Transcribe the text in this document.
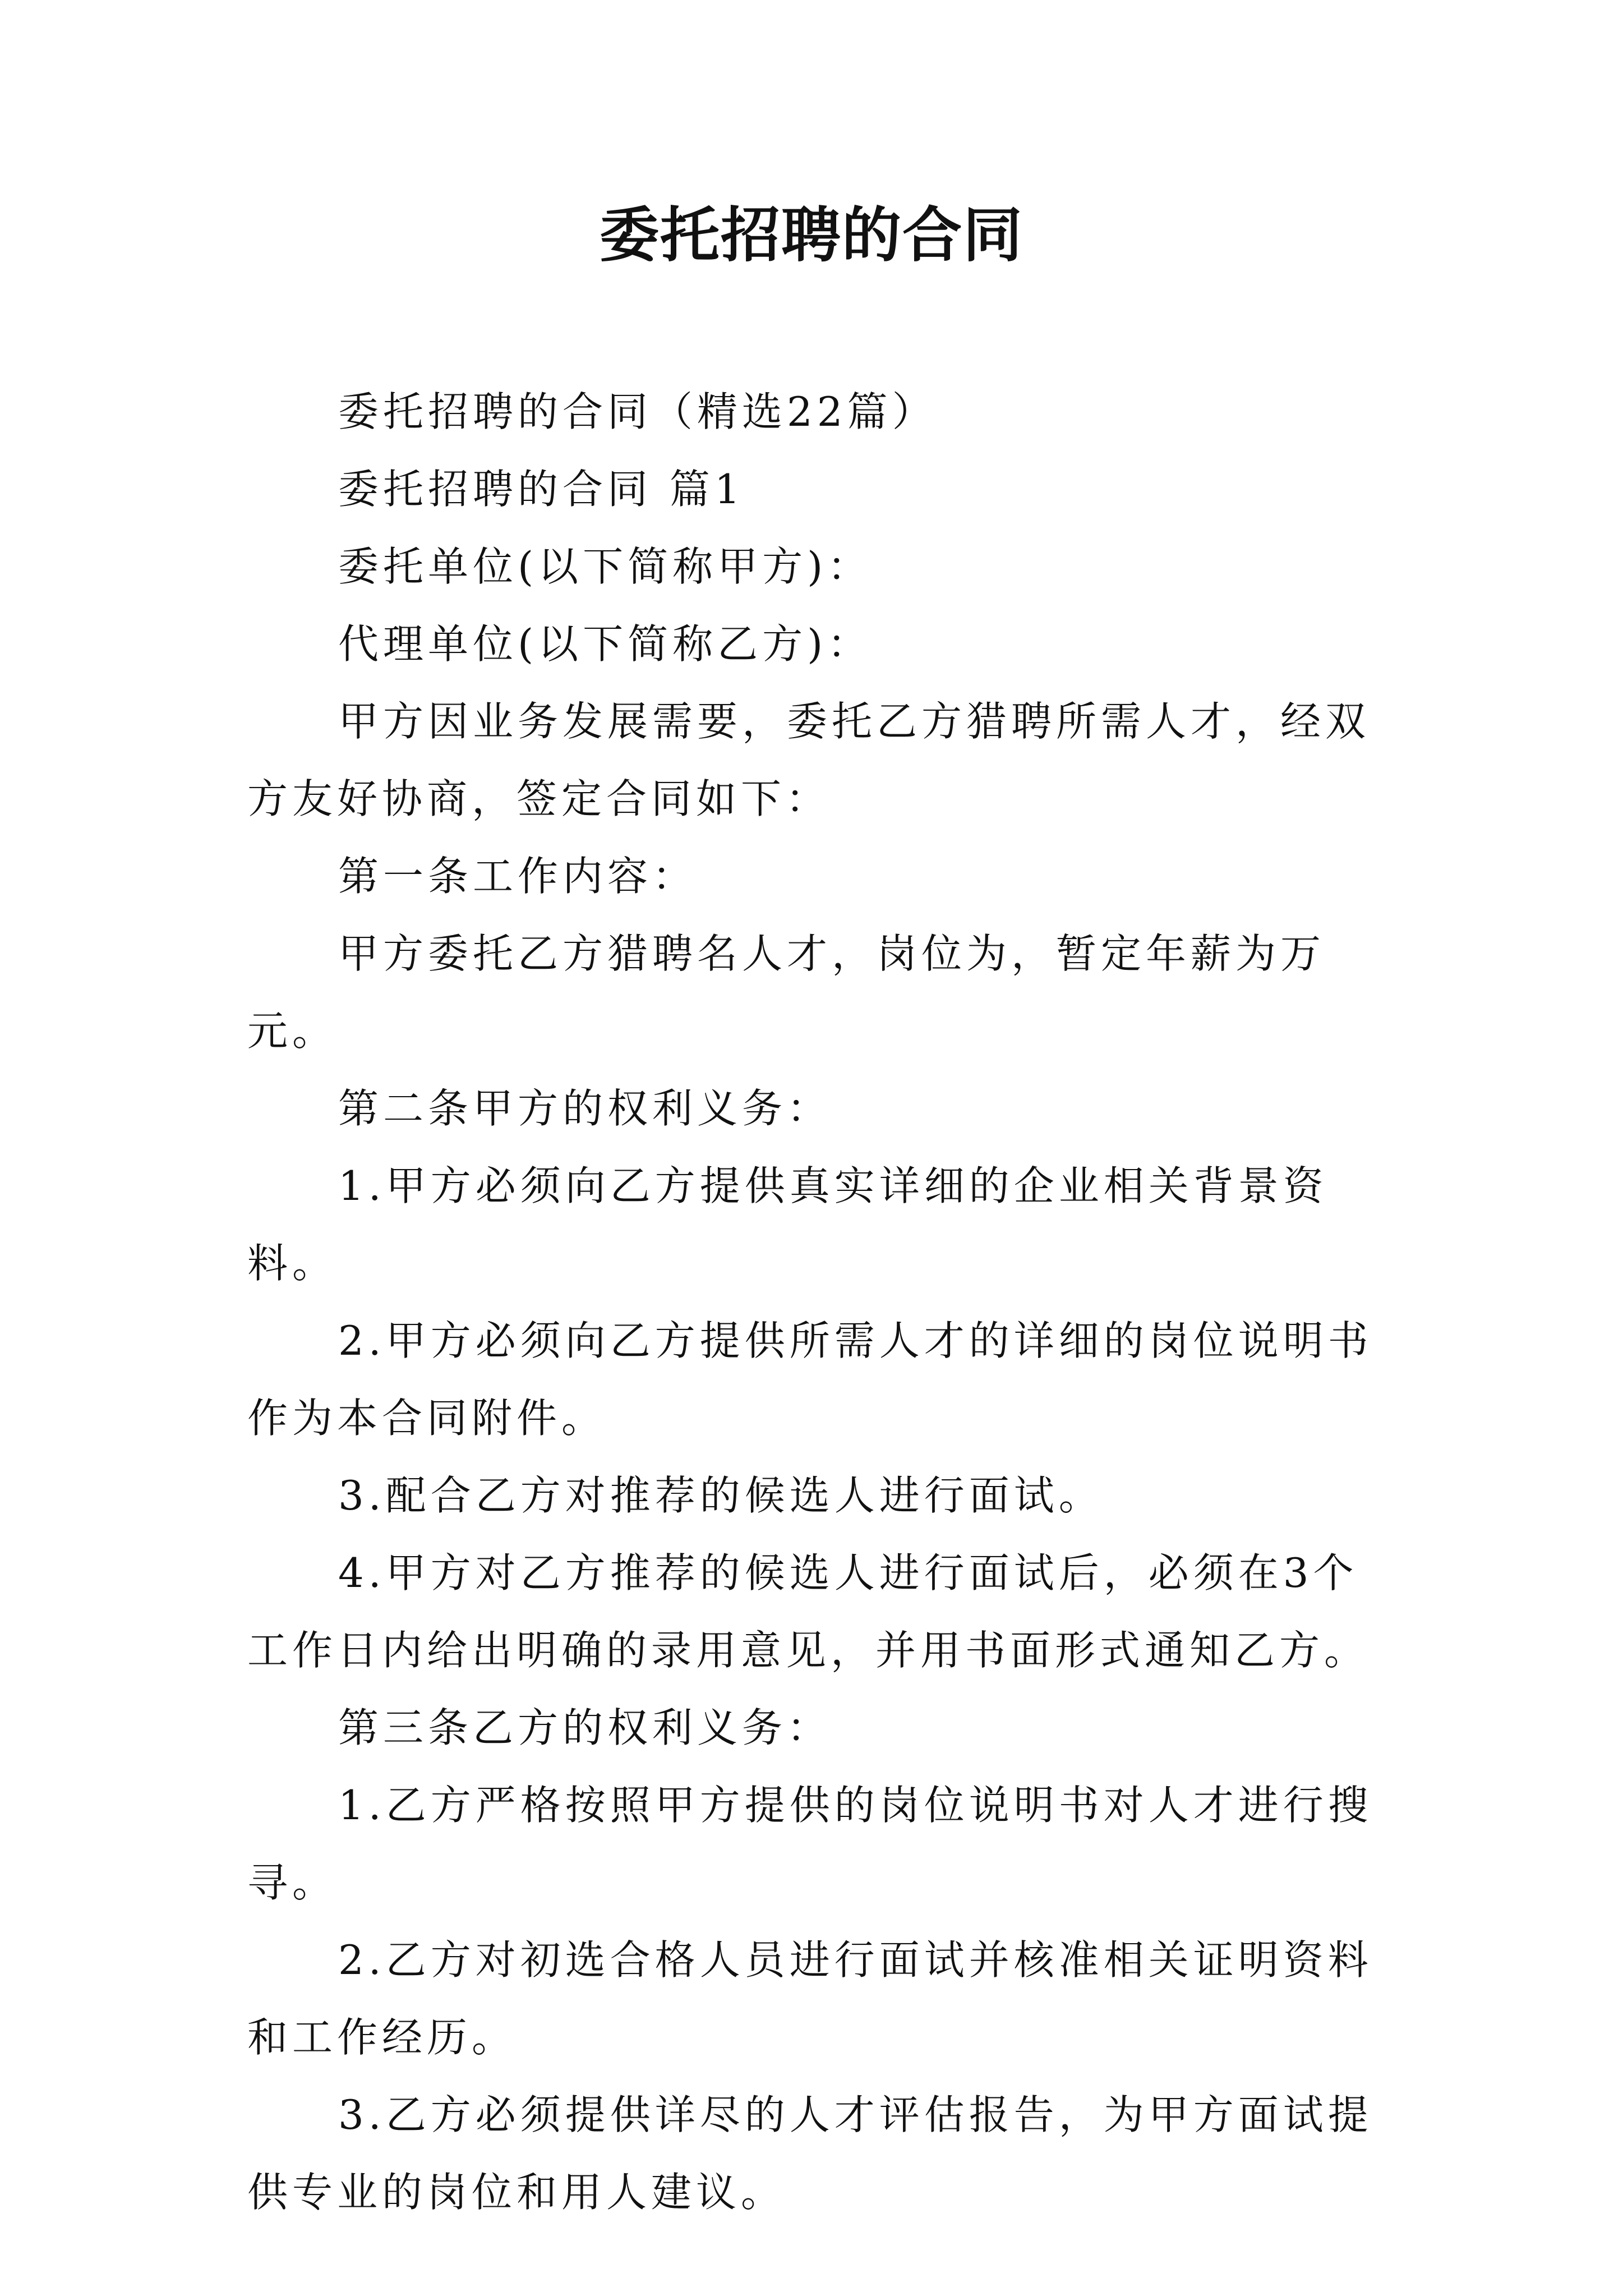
委托招聘的合同

委托招聘的合同（精选22篇）

委托招聘的合同 篇1

委托单位(以下简称甲方)：

代理单位(以下简称乙方)：

甲方因业务发展需要，委托乙方猎聘所需人才，经双方友好协商，签定合同如下：

第一条工作内容：

甲方委托乙方猎聘名人才，岗位为，暂定年薪为万元。

第二条甲方的权利义务：

1.甲方必须向乙方提供真实详细的企业相关背景资料。

2.甲方必须向乙方提供所需人才的详细的岗位说明书作为本合同附件。

3.配合乙方对推荐的候选人进行面试。

4.甲方对乙方推荐的候选人进行面试后，必须在3个工作日内给出明确的录用意见，并用书面形式通知乙方。

第三条乙方的权利义务：

1.乙方严格按照甲方提供的岗位说明书对人才进行搜寻。

2.乙方对初选合格人员进行面试并核准相关证明资料和工作经历。

3.乙方必须提供详尽的人才评估报告，为甲方面试提供专业的岗位和用人建议。
